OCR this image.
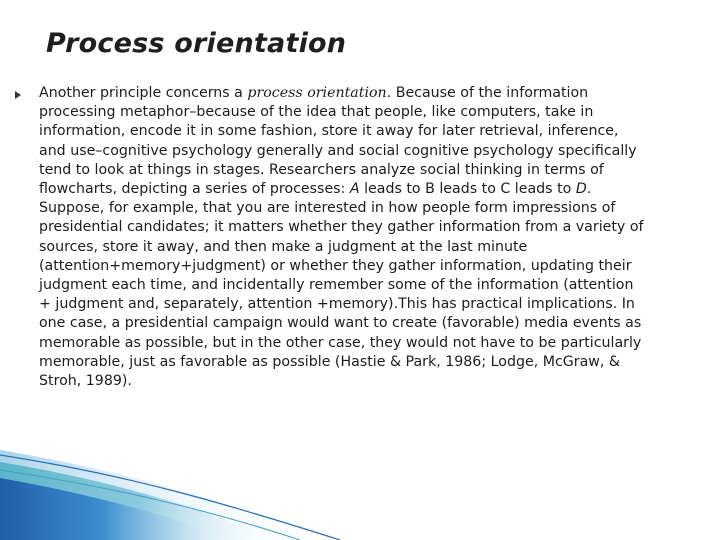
Process orientation
Another principle concerns a process orientation. Because of the information
processing metaphor–because of the idea that people, like computers, take in
information, encode it in some fashion, store it away for later retrieval, inference,
and use–cognitive psychology generally and social cognitive psychology specifically
tend to look at things in stages. Researchers analyze social thinking in terms of
flowcharts, depicting a series of processes: A leads to B leads to C leads to D.
Suppose, for example, that you are interested in how people form impressions of
presidential candidates; it matters whether they gather information from a variety of
sources, store it away, and then make a judgment at the last minute
(attention+memory+judgment) or whether they gather information, updating their
judgment each time, and incidentally remember some of the information (attention
+ judgment and, separately, attention +memory).This has practical implications. In
one case, a presidential campaign would want to create (favorable) media events as
memorable as possible, but in the other case, they would not have to be particularly
memorable, just as favorable as possible (Hastie & Park, 1986; Lodge, McGraw, &
Stroh, 1989).
